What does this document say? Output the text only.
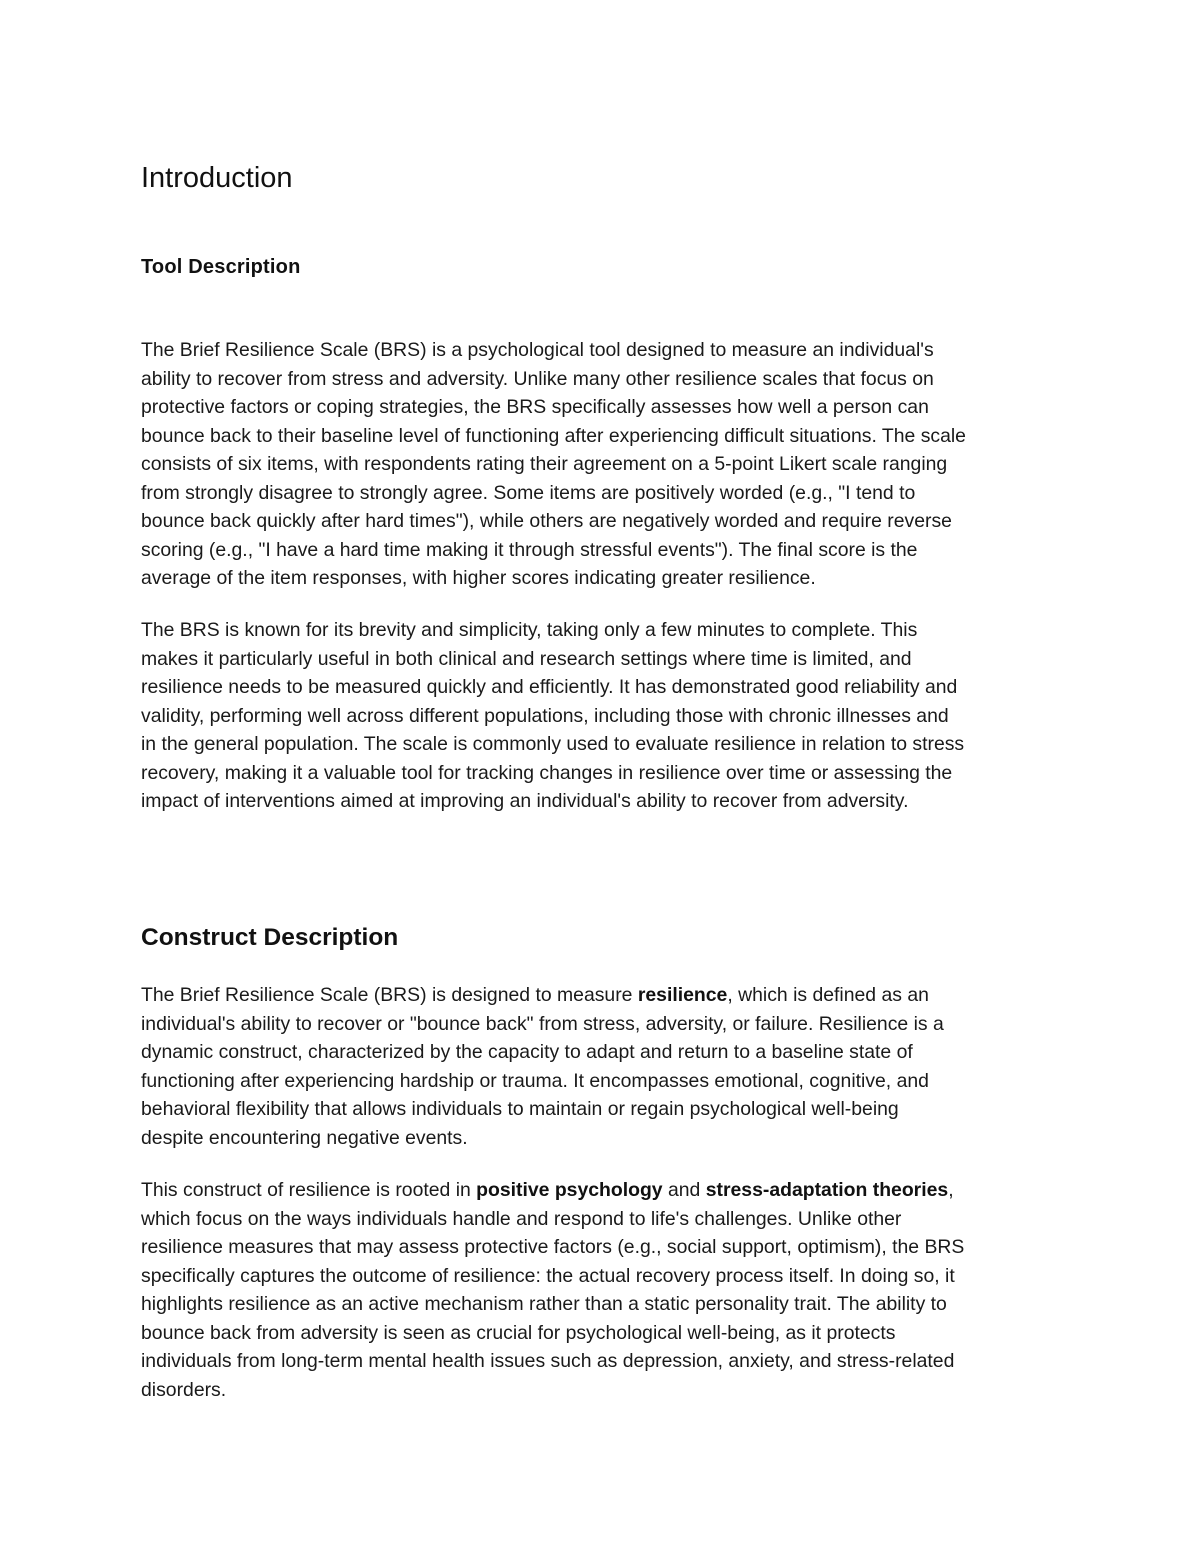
Introduction
Tool Description

The Brief Resilience Scale (BRS) is a psychological tool designed to measure an individual's
ability to recover from stress and adversity. Unlike many other resilience scales that focus on
protective factors or coping strategies, the BRS specifically assesses how well a person can
bounce back to their baseline level of functioning after experiencing difficult situations. The scale
consists of six items, with respondents rating their agreement on a 5-point Likert scale ranging
from strongly disagree to strongly agree. Some items are positively worded (e.g., "I tend to
bounce back quickly after hard times"), while others are negatively worded and require reverse
scoring (e.g., "I have a hard time making it through stressful events"). The final score is the
average of the item responses, with higher scores indicating greater resilience.

The BRS is known for its brevity and simplicity, taking only a few minutes to complete. This
makes it particularly useful in both clinical and research settings where time is limited, and
resilience needs to be measured quickly and efficiently. It has demonstrated good reliability and
validity, performing well across different populations, including those with chronic illnesses and
in the general population. The scale is commonly used to evaluate resilience in relation to stress
recovery, making it a valuable tool for tracking changes in resilience over time or assessing the
impact of interventions aimed at improving an individual's ability to recover from adversity.

Construct Description

The Brief Resilience Scale (BRS) is designed to measure resilience, which is defined as an
individual's ability to recover or "bounce back" from stress, adversity, or failure. Resilience is a
dynamic construct, characterized by the capacity to adapt and return to a baseline state of
functioning after experiencing hardship or trauma. It encompasses emotional, cognitive, and
behavioral flexibility that allows individuals to maintain or regain psychological well-being
despite encountering negative events.

This construct of resilience is rooted in positive psychology and stress-adaptation theories,
which focus on the ways individuals handle and respond to life's challenges. Unlike other
resilience measures that may assess protective factors (e.g., social support, optimism), the BRS
specifically captures the outcome of resilience: the actual recovery process itself. In doing so, it
highlights resilience as an active mechanism rather than a static personality trait. The ability to
bounce back from adversity is seen as crucial for psychological well-being, as it protects
individuals from long-term mental health issues such as depression, anxiety, and stress-related
disorders.
